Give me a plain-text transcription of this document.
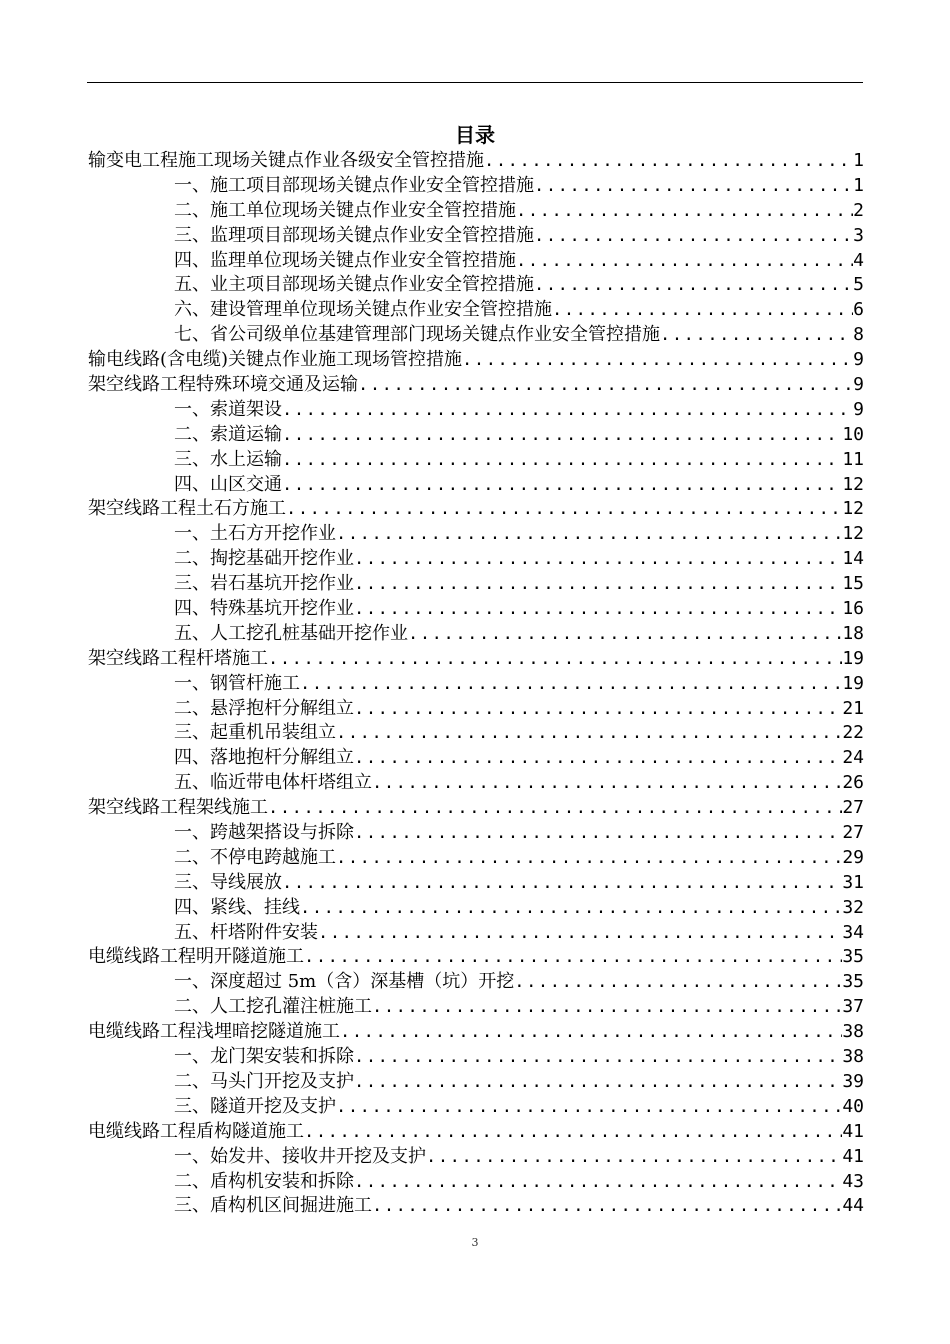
目录
输变电工程施工现场关键点作业各级安全管控措施 .....	1
一、施工项目部现场关键点作业安全管控措施 .....	1
二、施工单位现场关键点作业安全管控措施 .....	2
三、监理项目部现场关键点作业安全管控措施 .....	3
四、监理单位现场关键点作业安全管控措施 .....	4
五、业主项目部现场关键点作业安全管控措施 .....	5
六、建设管理单位现场关键点作业安全管控措施 .....	6
七、省公司级单位基建管理部门现场关键点作业安全管控措施 .....	8
输电线路(含电缆)关键点作业施工现场管控措施 .....	9
架空线路工程特殊环境交通及运输 .....	9
一、索道架设 .....	9
二、索道运输 .....	10
三、水上运输 .....	11
四、山区交通 .....	12
架空线路工程土石方施工 .....	12
一、土石方开挖作业 .....	12
二、掏挖基础开挖作业 .....	14
三、岩石基坑开挖作业 .....	15
四、特殊基坑开挖作业 .....	16
五、人工挖孔桩基础开挖作业 .....	18
架空线路工程杆塔施工 .....	19
一、钢管杆施工 .....	19
二、悬浮抱杆分解组立 .....	21
三、起重机吊装组立 .....	22
四、落地抱杆分解组立 .....	24
五、临近带电体杆塔组立 .....	26
架空线路工程架线施工 .....	27
一、跨越架搭设与拆除 .....	27
二、不停电跨越施工 .....	29
三、导线展放 .....	31
四、紧线、挂线 .....	32
五、杆塔附件安装 .....	34
电缆线路工程明开隧道施工 .....	35
一、深度超过 5m（含）深基槽（坑）开挖 .....	35
二、人工挖孔灌注桩施工 .....	37
电缆线路工程浅埋暗挖隧道施工 .....	38
一、龙门架安装和拆除 .....	38
二、马头门开挖及支护 .....	39
三、隧道开挖及支护 .....	40
电缆线路工程盾构隧道施工 .....	41
一、始发井、接收井开挖及支护 .....	41
二、盾构机安装和拆除 .....	43
三、盾构机区间掘进施工 .....	44
3
